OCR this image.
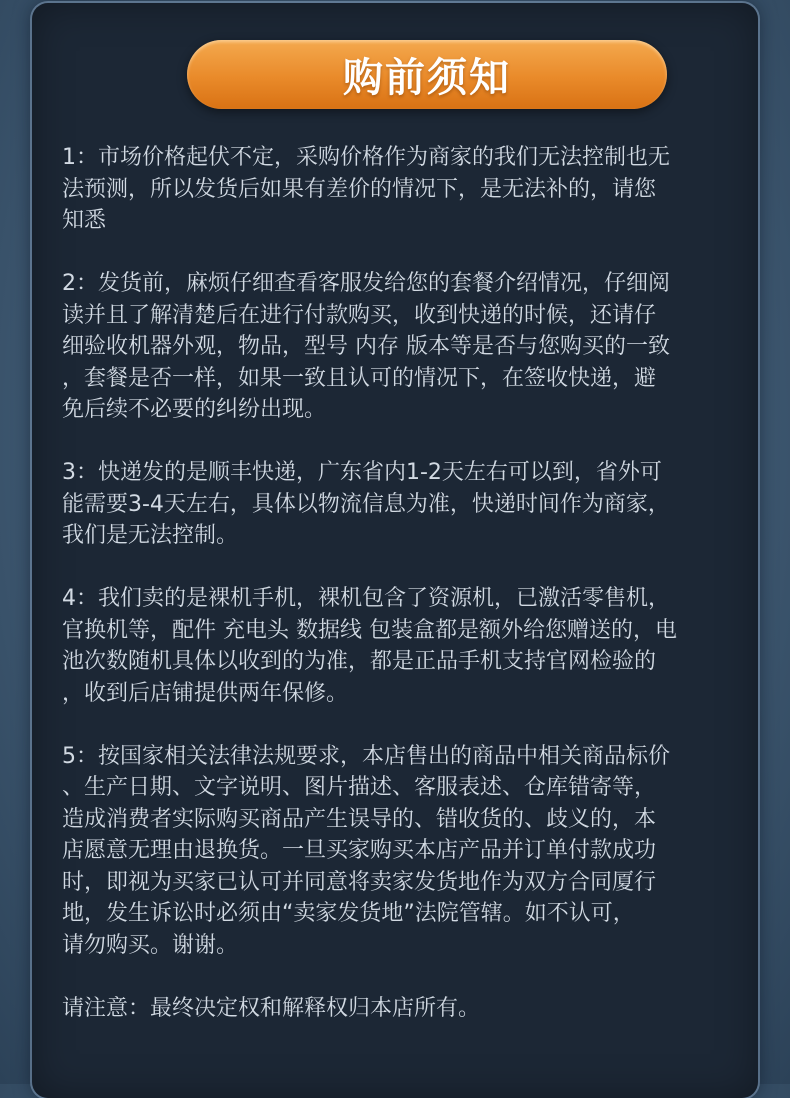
购前须知

1：市场价格起伏不定，采购价格作为商家的我们无法控制也无
法预测，所以发货后如果有差价的情况下，是无法补的，请您
知悉

2：发货前，麻烦仔细查看客服发给您的套餐介绍情况，仔细阅
读并且了解清楚后在进行付款购买，收到快递的时候，还请仔
细验收机器外观，物品，型号 内存 版本等是否与您购买的一致
，套餐是否一样，如果一致且认可的情况下，在签收快递，避
免后续不必要的纠纷出现。

3：快递发的是顺丰快递，广东省内1-2天左右可以到，省外可
能需要3-4天左右，具体以物流信息为准，快递时间作为商家，
我们是无法控制。

4：我们卖的是裸机手机，裸机包含了资源机，已激活零售机，
官换机等，配件 充电头 数据线 包装盒都是额外给您赠送的，电
池次数随机具体以收到的为准，都是正品手机支持官网检验的
，收到后店铺提供两年保修。

5：按国家相关法律法规要求，本店售出的商品中相关商品标价
、生产日期、文字说明、图片描述、客服表述、仓库错寄等，
造成消费者实际购买商品产生误导的、错收货的、歧义的，本
店愿意无理由退换货。一旦买家购买本店产品并订单付款成功
时，即视为买家已认可并同意将卖家发货地作为双方合同厦行
地，发生诉讼时必须由“卖家发货地”法院管辖。如不认可，
请勿购买。谢谢。

请注意：最终决定权和解释权归本店所有。
